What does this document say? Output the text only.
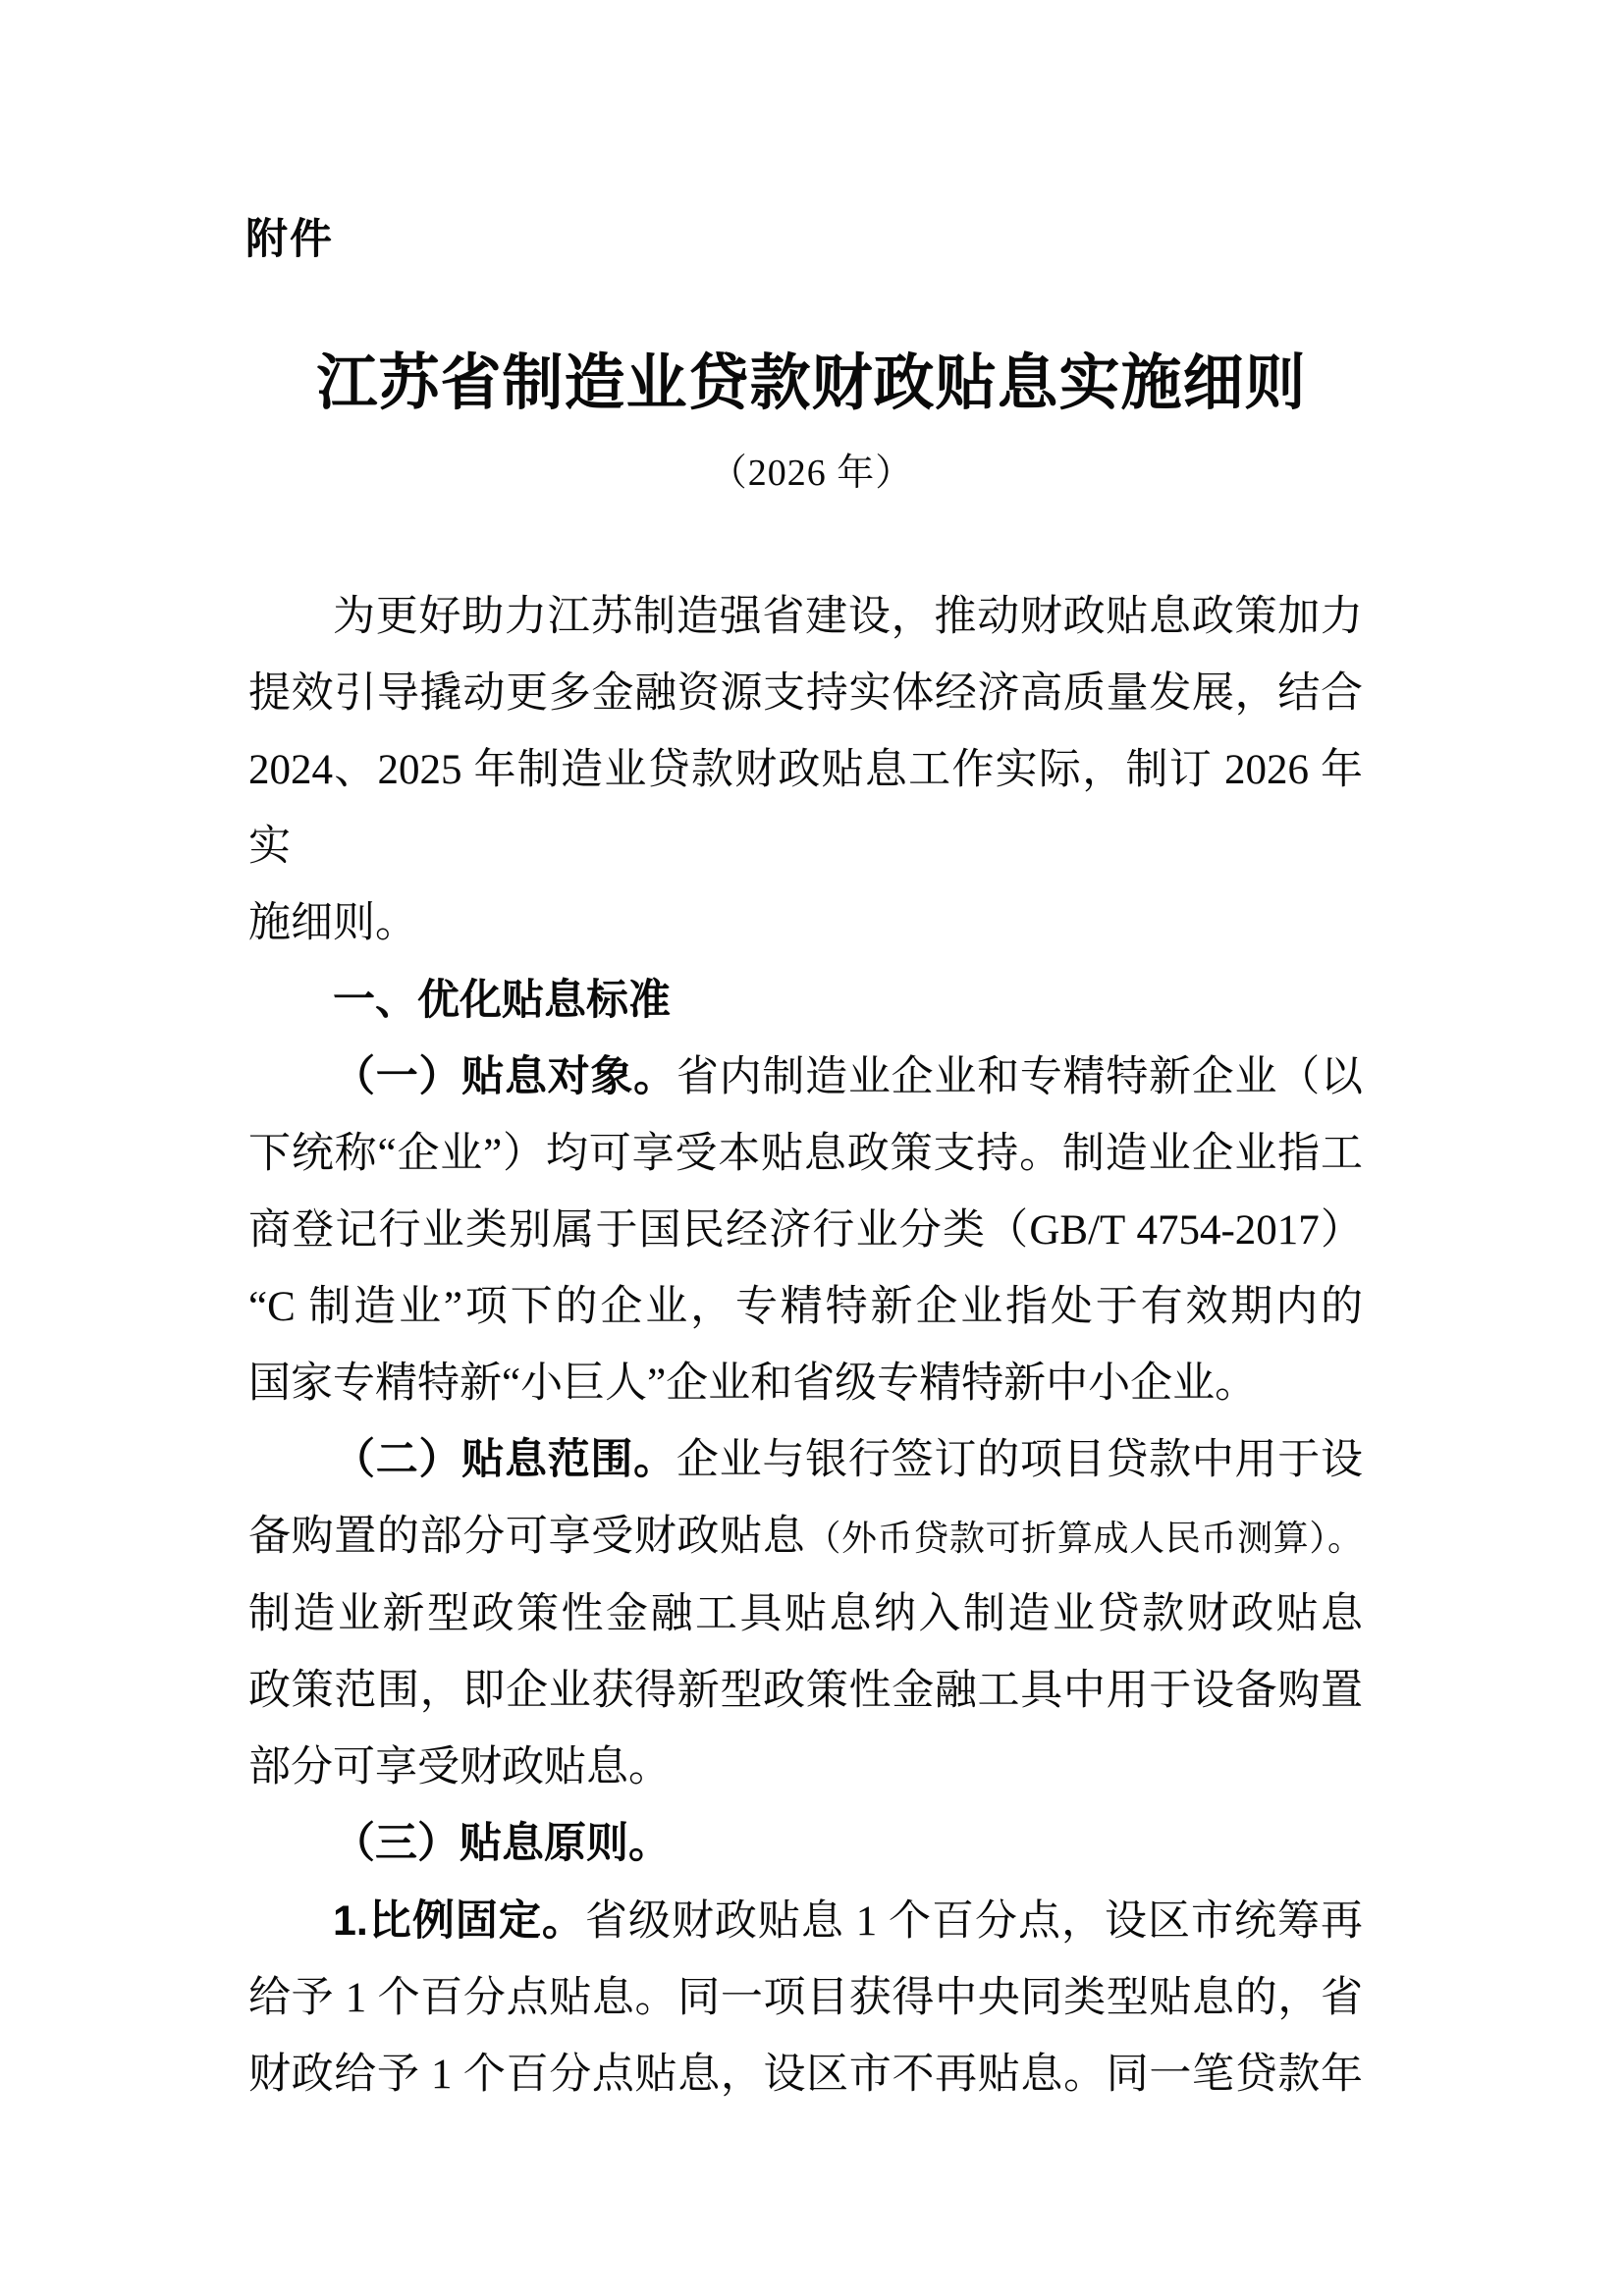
附件
江苏省制造业贷款财政贴息实施细则
（2026 年）
为更好助力江苏制造强省建设，推动财政贴息政策加力
提效引导撬动更多金融资源支持实体经济高质量发展，结合
2024、2025 年制造业贷款财政贴息工作实际，制订 2026 年实
施细则。
一、优化贴息标准
（一）贴息对象。省内制造业企业和专精特新企业（以
下统称“企业”）均可享受本贴息政策支持。制造业企业指工
商登记行业类别属于国民经济行业分类（GB/T 4754-2017）
“C 制造业”项下的企业，专精特新企业指处于有效期内的
国家专精特新“小巨人”企业和省级专精特新中小企业。
（二）贴息范围。企业与银行签订的项目贷款中用于设
备购置的部分可享受财政贴息（外币贷款可折算成人民币测算）。
制造业新型政策性金融工具贴息纳入制造业贷款财政贴息
政策范围，即企业获得新型政策性金融工具中用于设备购置
部分可享受财政贴息。
（三）贴息原则。
1.比例固定。省级财政贴息 1 个百分点，设区市统筹再
给予 1 个百分点贴息。同一项目获得中央同类型贴息的，省
财政给予 1 个百分点贴息，设区市不再贴息。同一笔贷款年
